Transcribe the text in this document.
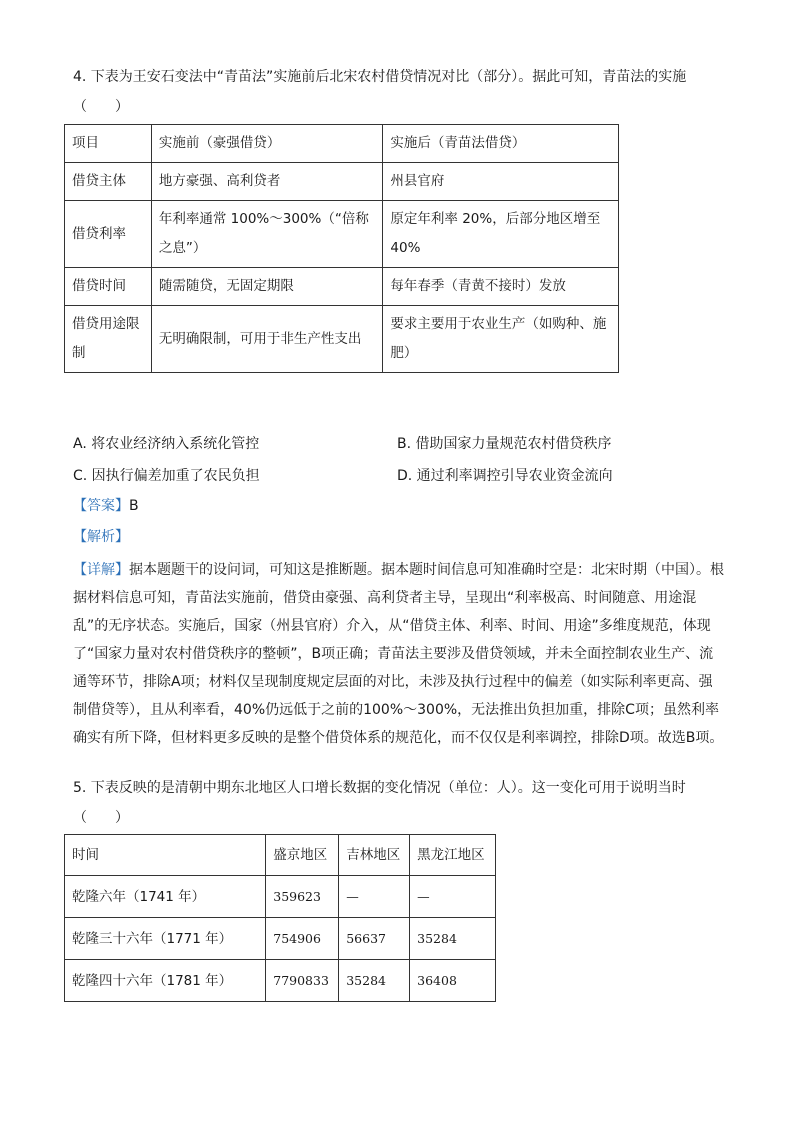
4. 下表为王安石变法中“青苗法”实施前后北宋农村借贷情况对比（部分）。据此可知，青苗法的实施
（　　）
项目	实施前（豪强借贷）	实施后（青苗法借贷）
借贷主体	地方豪强、高利贷者	州县官府
借贷利率	年利率通常 100%～300%（“倍称之息”）	原定年利率 20%，后部分地区增至 40%
借贷时间	随需随贷，无固定期限	每年春季（青黄不接时）发放
借贷用途限制	无明确限制，可用于非生产性支出	要求主要用于农业生产（如购种、施肥）
A. 将农业经济纳入系统化管控	B. 借助国家力量规范农村借贷秩序
C. 因执行偏差加重了农民负担	D. 通过利率调控引导农业资金流向
【答案】B
【解析】
【详解】据本题题干的设问词，可知这是推断题。据本题时间信息可知准确时空是：北宋时期（中国）。根据材料信息可知，青苗法实施前，借贷由豪强、高利贷者主导，呈现出“利率极高、时间随意、用途混乱”的无序状态。实施后，国家（州县官府）介入，从“借贷主体、利率、时间、用途”多维度规范，体现了“国家力量对农村借贷秩序的整顿”，B项正确；青苗法主要涉及借贷领域，并未全面控制农业生产、流通等环节，排除A项；材料仅呈现制度规定层面的对比，未涉及执行过程中的偏差（如实际利率更高、强制借贷等），且从利率看，40%仍远低于之前的100%～300%，无法推出负担加重，排除C项；虽然利率确实有所下降，但材料更多反映的是整个借贷体系的规范化，而不仅仅是利率调控，排除D项。故选B项。
5. 下表反映的是清朝中期东北地区人口增长数据的变化情况（单位：人）。这一变化可用于说明当时
（　　）
时间	盛京地区	吉林地区	黑龙江地区
乾隆六年（1741 年）	359623	—	—
乾隆三十六年（1771 年）	754906	56637	35284
乾隆四十六年（1781 年）	7790833	35284	36408
